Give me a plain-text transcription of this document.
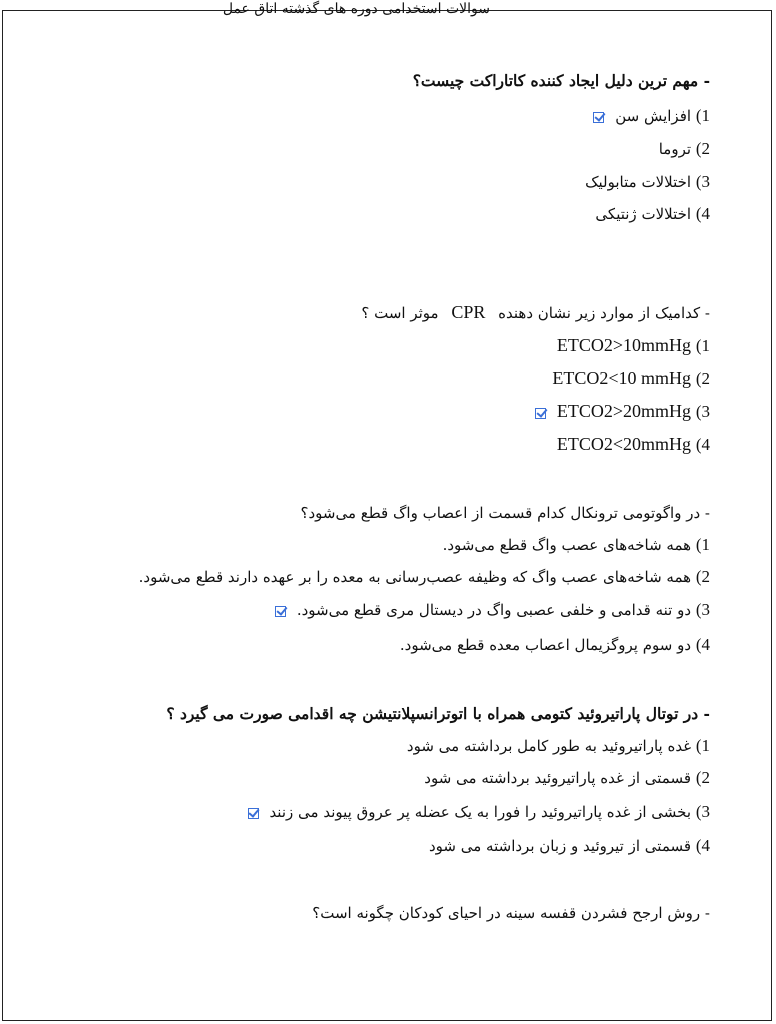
سوالات استخدامی دوره های گذشته اتاق عمل
- مهم ترین دلیل ایجاد کننده کاتاراکت چیست؟
1) افزایش سن
2) تروما
3) اختلالات متابولیک
4) اختلالات ژنتیکی
- کدامیک از موارد زیر نشان دهنده CPR موثر است ؟
1) ETCO2>10mmHg
2) ETCO2<10 mmHg
3) ETCO2>20mmHg
4) ETCO2<20mmHg
- در واگوتومی ترونکال کدام قسمت از اعصاب واگ قطع می‌شود؟
1) همه شاخه‌های عصب واگ قطع می‌شود.
2) همه شاخه‌های عصب واگ که وظیفه عصب‌رسانی به معده را بر عهده دارند قطع می‌شود.
3) دو تنه قدامی و خلفی عصبی واگ در دیستال مری قطع می‌شود.
4) دو سوم پروگزیمال اعصاب معده قطع می‌شود.
- در توتال پاراتیروئید کتومی همراه با اتوترانسپلانتیشن چه اقدامی صورت می گیرد ؟
1) غده پاراتیروئید به طور کامل برداشته می شود
2) قسمتی از غده پاراتیروئید برداشته می شود
3) بخشی از غده پاراتیروئید را فورا به یک عضله پر عروق پیوند می زنند
4) قسمتی از تیروئید و زبان برداشته می شود
- روش ارجح فشردن قفسه سینه در احیای کودکان چگونه است؟
